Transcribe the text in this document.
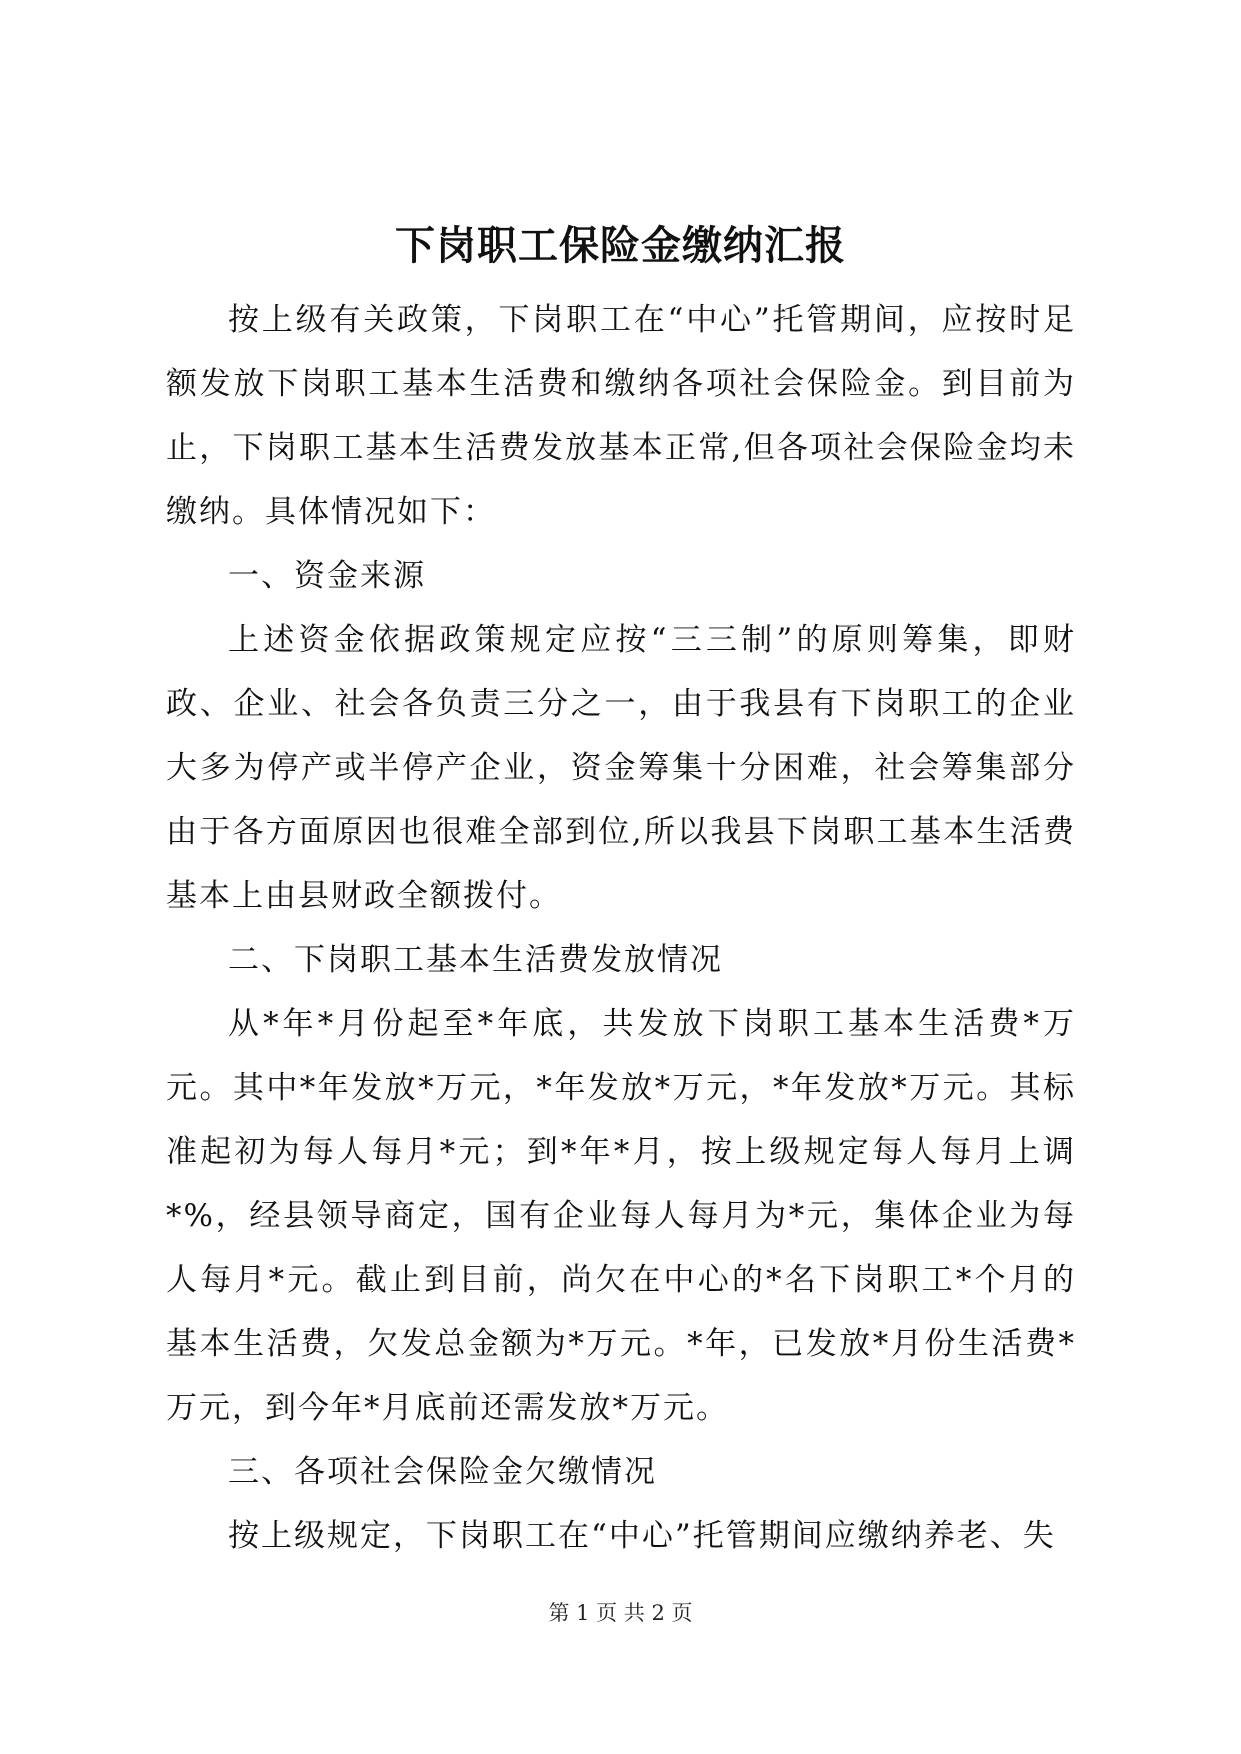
下岗职工保险金缴纳汇报

按上级有关政策，下岗职工在“中心”托管期间，应按时足额发放下岗职工基本生活费和缴纳各项社会保险金。到目前为止，下岗职工基本生活费发放基本正常,但各项社会保险金均未缴纳。具体情况如下：

一、资金来源

上述资金依据政策规定应按“三三制”的原则筹集，即财政、企业、社会各负责三分之一，由于我县有下岗职工的企业大多为停产或半停产企业，资金筹集十分困难，社会筹集部分由于各方面原因也很难全部到位,所以我县下岗职工基本生活费基本上由县财政全额拨付。

二、下岗职工基本生活费发放情况

从*年*月份起至*年底，共发放下岗职工基本生活费*万元。其中*年发放*万元，*年发放*万元，*年发放*万元。其标准起初为每人每月*元；到*年*月，按上级规定每人每月上调*%，经县领导商定，国有企业每人每月为*元，集体企业为每人每月*元。截止到目前，尚欠在中心的*名下岗职工*个月的基本生活费，欠发总金额为*万元。*年，已发放*月份生活费*万元，到今年*月底前还需发放*万元。

三、各项社会保险金欠缴情况

按上级规定，下岗职工在“中心”托管期间应缴纳养老、失

第 1 页 共 2 页
